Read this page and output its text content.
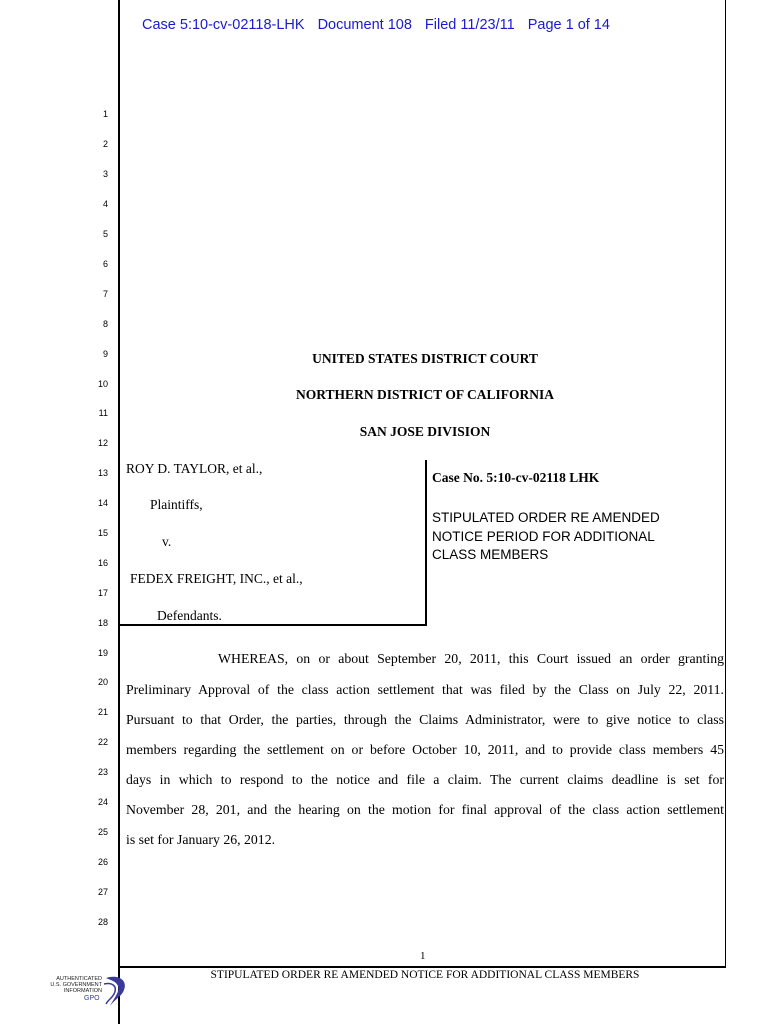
Case 5:10-cv-02118-LHK Document 108 Filed 11/23/11 Page 1 of 14
1
2
3
4
5
6
7
8
9
10
11
12
13
14
15
16
17
18
19
20
21
22
23
24
25
26
27
28
UNITED STATES DISTRICT COURT
NORTHERN DISTRICT OF CALIFORNIA
SAN JOSE DIVISION
ROY D. TAYLOR, et al.,
Plaintiffs,
v.
FEDEX FREIGHT, INC., et al.,
Defendants.
Case No. 5:10-cv-02118 LHK
STIPULATED ORDER RE AMENDED
NOTICE PERIOD FOR ADDITIONAL
CLASS MEMBERS
WHEREAS, on or about September 20, 2011, this Court issued an order granting
Preliminary Approval of the class action settlement that was filed by the Class on July 22, 2011.
Pursuant to that Order, the parties, through the Claims Administrator, were to give notice to class
members regarding the settlement on or before October 10, 2011, and to provide class members 45
days in which to respond to the notice and file a claim. The current claims deadline is set for
November 28, 201, and the hearing on the motion for final approval of the class action settlement
is set for January 26, 2012.
1
STIPULATED ORDER RE AMENDED NOTICE FOR ADDITIONAL CLASS MEMBERS
AUTHENTICATED
U.S. GOVERNMENT
INFORMATION
GPO
